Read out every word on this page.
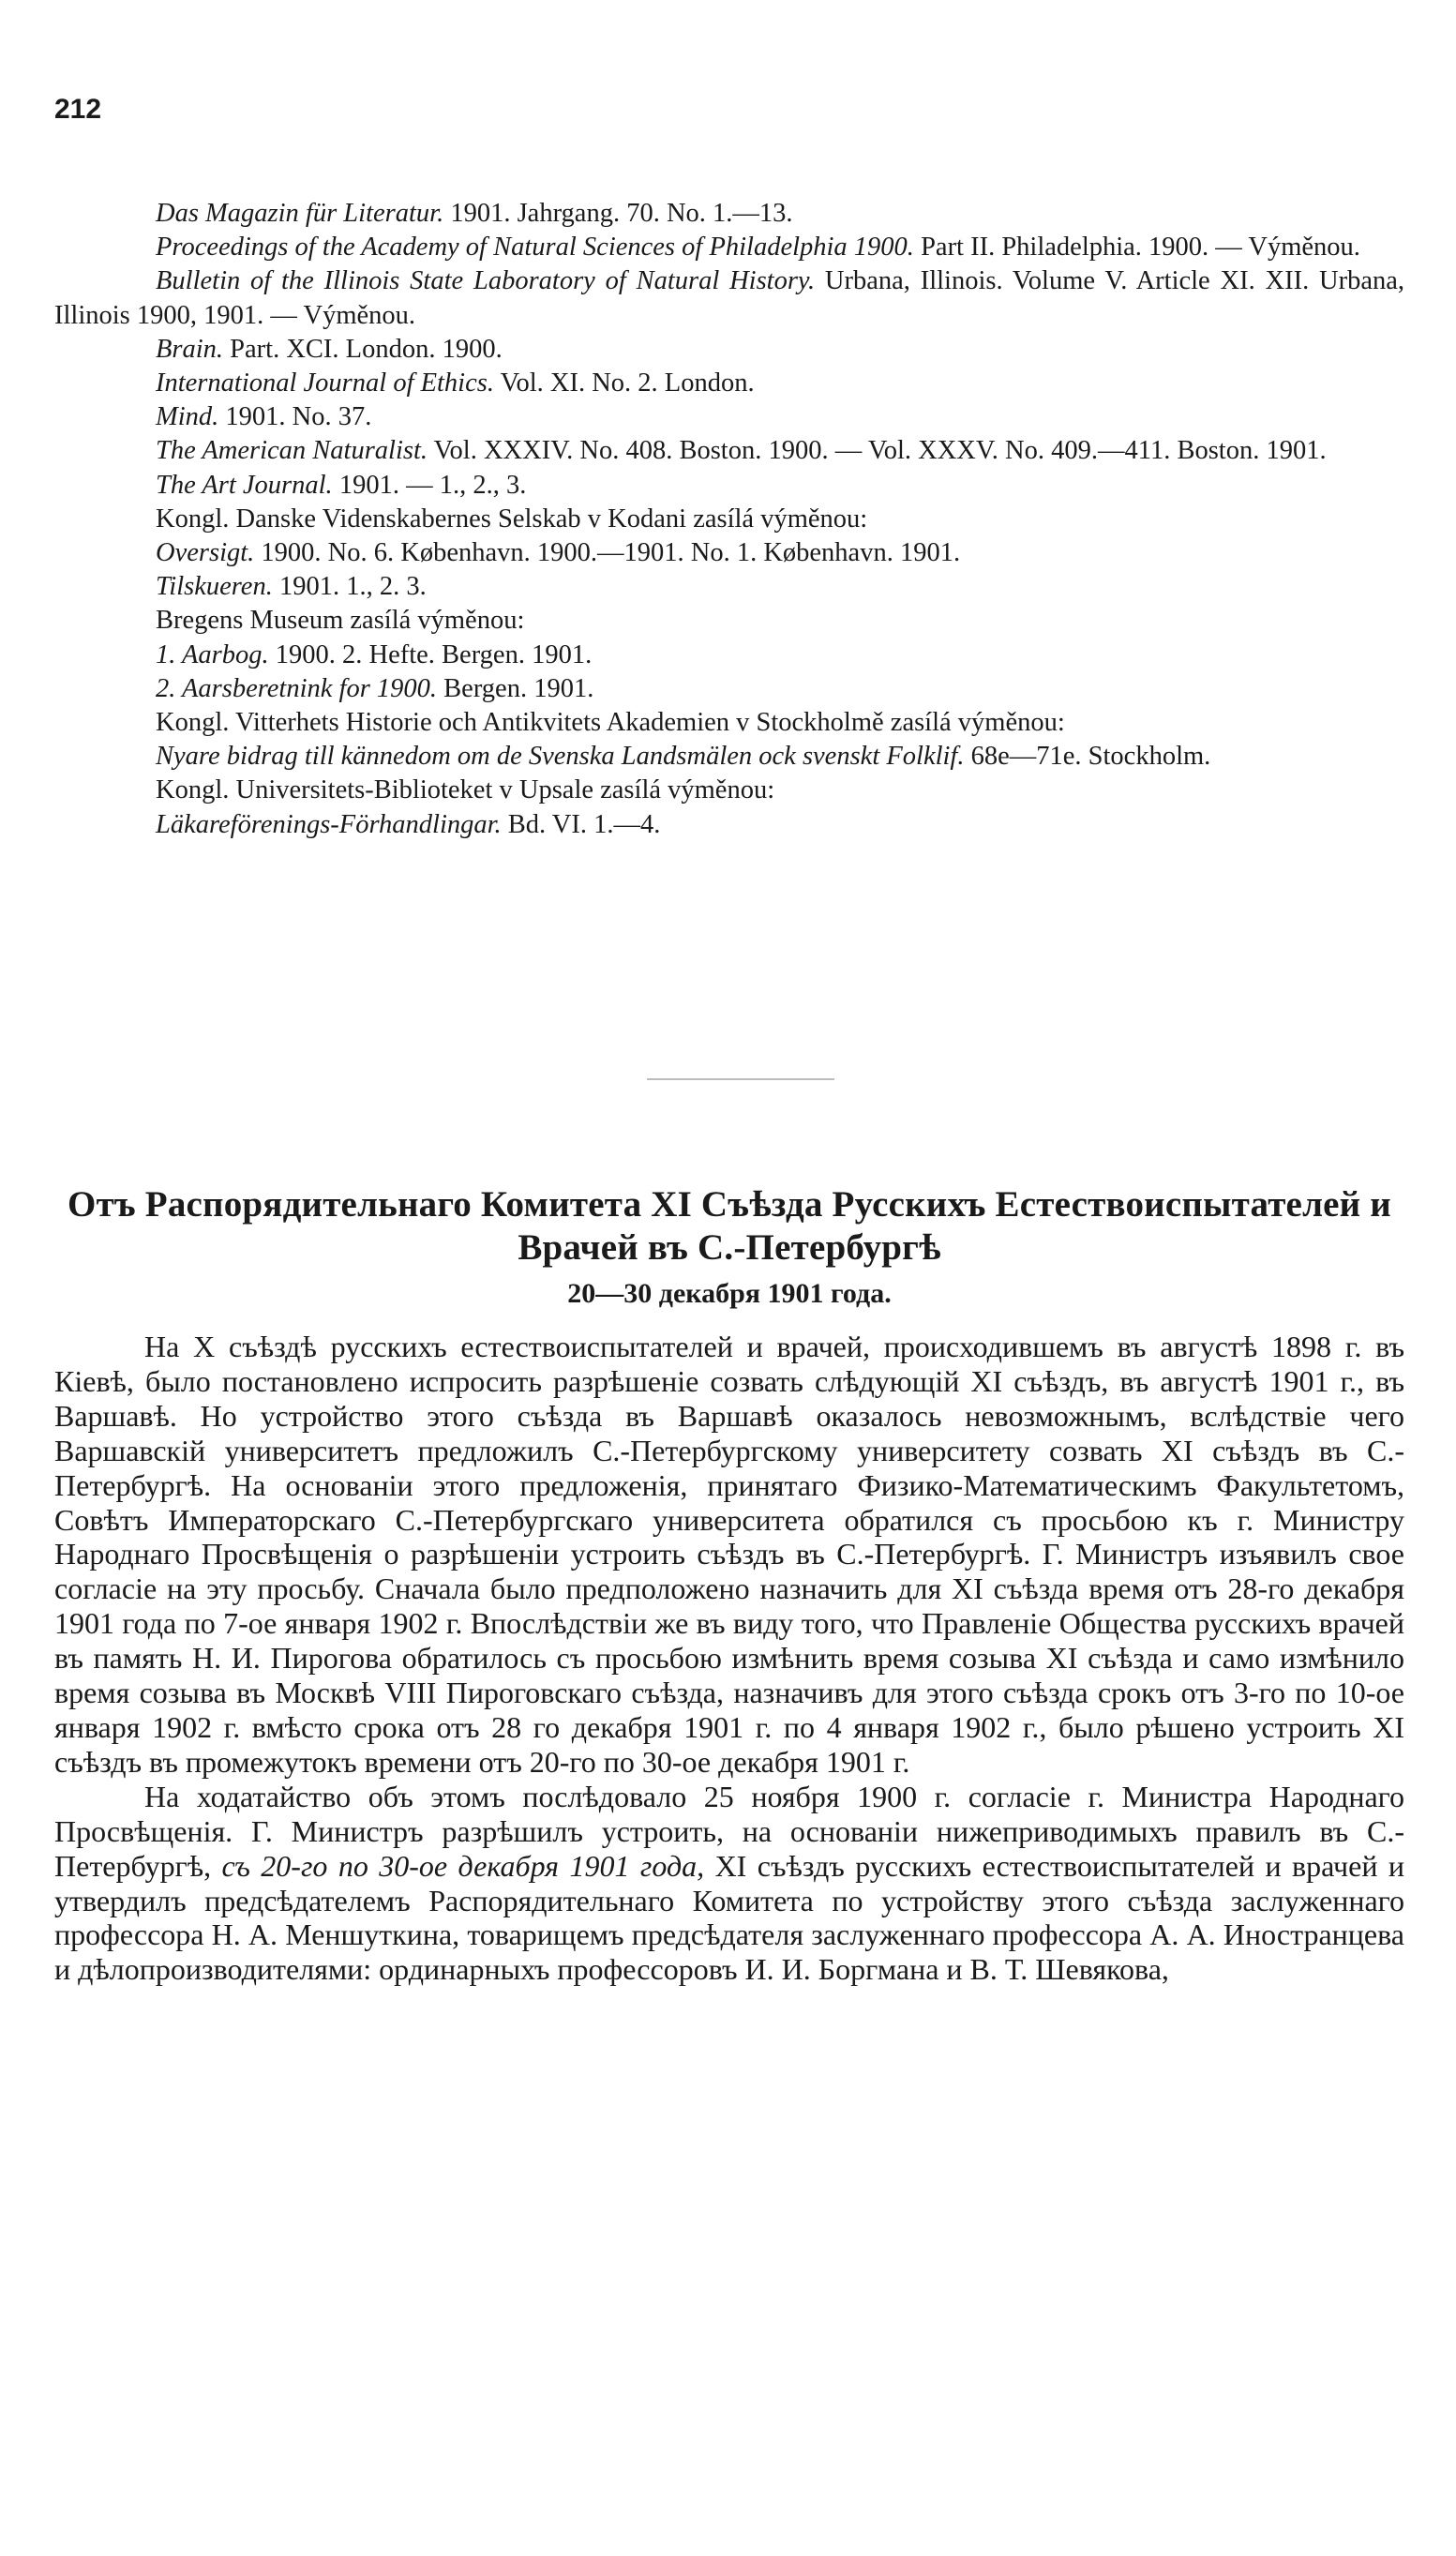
212

Das Magazin für Literatur. 1901. Jahrgang. 70. No. 1.—13.

Proceedings of the Academy of Natural Sciences of Philadelphia 1900. Part II. Philadelphia. 1900. — Výměnou.

Bulletin of the Illinois State Laboratory of Natural History. Urbana, Illinois. Volume V. Article XI. XII. Urbana, Illinois 1900, 1901. — Výměnou.

Brain. Part. XCI. London. 1900.

International Journal of Ethics. Vol. XI. No. 2. London.

Mind. 1901. No. 37.

The American Naturalist. Vol. XXXIV. No. 408. Boston. 1900. — Vol. XXXV. No. 409.—411. Boston. 1901.

The Art Journal. 1901. — 1., 2., 3.

Kongl. Danske Videnskabernes Selskab v Kodani zasílá výměnou:

Oversigt. 1900. No. 6. København. 1900.—1901. No. 1. København. 1901.

Tilskueren. 1901. 1., 2. 3.

Bregens Museum zasílá výměnou:

1. Aarbog. 1900. 2. Hefte. Bergen. 1901.

2. Aarsberetnink for 1900. Bergen. 1901.

Kongl. Vitterhets Historie och Antikvitets Akademien v Stockholmě zasílá výměnou:

Nyare bidrag till kännedom om de Svenska Landsmälen ock svenskt Folklif. 68e—71e. Stockholm.

Kongl. Universitets-Biblioteket v Upsale zasílá výměnou:

Läkareförenings-Förhandlingar. Bd. VI. 1.—4.

Отъ Распорядительнаго Комитета XI Съѣзда Русскихъ Естествоиспытателей и Врачей въ С.-Петербургѣ
20—30 декабря 1901 года.

На X съѣздѣ русскихъ естествоиспытателей и врачей, происходившемъ въ августѣ 1898 г. въ Кіевѣ, было постановлено испросить разрѣшеніе созвать слѣдующій XI съѣздъ, въ августѣ 1901 г., въ Варшавѣ. Но устройство этого съѣзда въ Варшавѣ оказалось невозможнымъ, вслѣдствіе чего Варшавскій университетъ предложилъ С.-Петербургскому университету созвать XI съѣздъ въ С.-Петербургѣ. На основаніи этого предложенія, принятаго Физико-Математическимъ Факультетомъ, Совѣтъ Императорскаго С.-Петербургскаго университета обратился съ просьбою къ г. Министру Народнаго Просвѣщенія о разрѣшеніи устроить съѣздъ въ С.-Петербургѣ. Г. Министръ изъявилъ свое согласіе на эту просьбу. Сначала было предположено назначить для XI съѣзда время отъ 28-го декабря 1901 года по 7-ое января 1902 г. Впослѣдствіи же въ виду того, что Правленіе Общества русскихъ врачей въ память Н. И. Пирогова обратилось съ просьбою измѣнить время созыва XI съѣзда и само измѣнило время созыва въ Москвѣ VIII Пироговскаго съѣзда, назначивъ для этого съѣзда срокъ отъ 3-го по 10-ое января 1902 г. вмѣсто срока отъ 28 го декабря 1901 г. по 4 января 1902 г., было рѣшено устроить XI съѣздъ въ промежутокъ времени отъ 20-го по 30-ое декабря 1901 г.

На ходатайство объ этомъ послѣдовало 25 ноября 1900 г. согласіе г. Министра Народнаго Просвѣщенія. Г. Министръ разрѣшилъ устроить, на основаніи нижеприводимыхъ правилъ въ С.-Петербургѣ, съ 20-го по 30-ое декабря 1901 года, XI съѣздъ русскихъ естествоиспытателей и врачей и утвердилъ предсѣдателемъ Распорядительнаго Комитета по устройству этого съѣзда заслуженнаго профессора Н. А. Меншуткина, товарищемъ предсѣдателя заслуженнаго профессора А. А. Иностранцева и дѣлопроизводителями: ординарныхъ профессоровъ И. И. Боргмана и В. Т. Шевякова,
